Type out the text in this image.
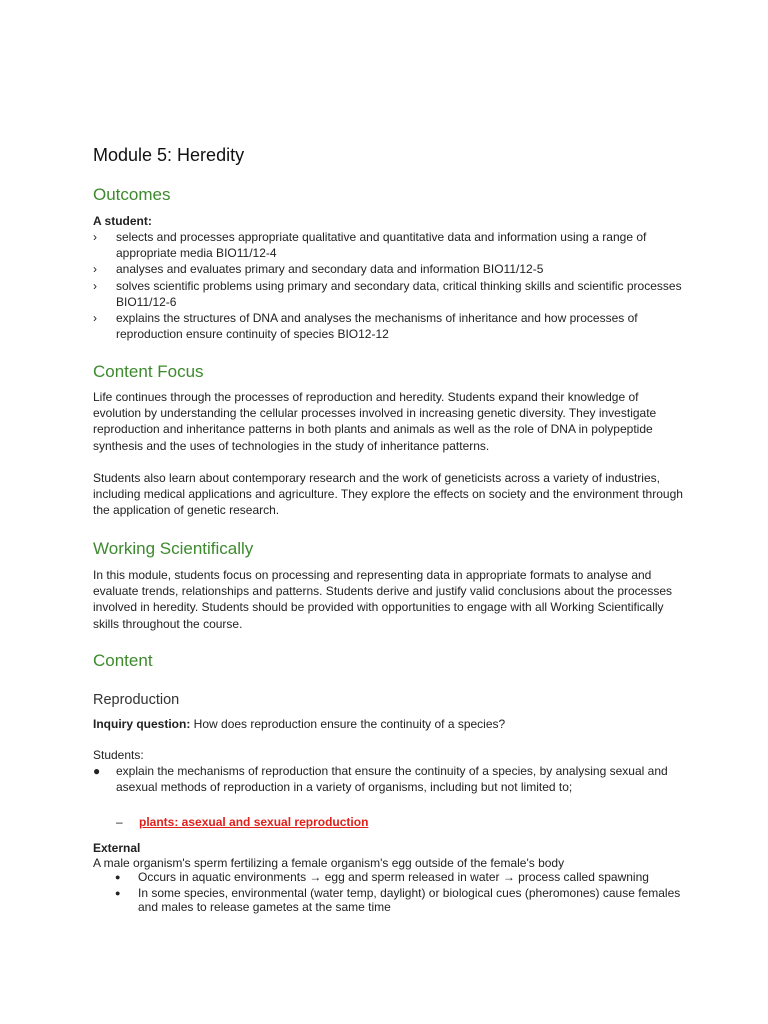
Module 5: Heredity
Outcomes
A student:
›	selects and processes appropriate qualitative and quantitative data and information using a range of appropriate media BIO11/12-4
›	analyses and evaluates primary and secondary data and information BIO11/12-5
›	solves scientific problems using primary and secondary data, critical thinking skills and scientific processes BIO11/12-6
›	explains the structures of DNA and analyses the mechanisms of inheritance and how processes of reproduction ensure continuity of species BIO12-12
Content Focus
Life continues through the processes of reproduction and heredity. Students expand their knowledge of evolution by understanding the cellular processes involved in increasing genetic diversity. They investigate reproduction and inheritance patterns in both plants and animals as well as the role of DNA in polypeptide synthesis and the uses of technologies in the study of inheritance patterns.
Students also learn about contemporary research and the work of geneticists across a variety of industries, including medical applications and agriculture. They explore the effects on society and the environment through the application of genetic research.
Working Scientifically
In this module, students focus on processing and representing data in appropriate formats to analyse and evaluate trends, relationships and patterns. Students derive and justify valid conclusions about the processes involved in heredity. Students should be provided with opportunities to engage with all Working Scientifically skills throughout the course.
Content
Reproduction
Inquiry question: How does reproduction ensure the continuity of a species?
Students:
●	explain the mechanisms of reproduction that ensure the continuity of a species, by analysing sexual and asexual methods of reproduction in a variety of organisms, including but not limited to;
–	plants: asexual and sexual reproduction
External
A male organism's sperm fertilizing a female organism's egg outside of the female's body
●	Occurs in aquatic environments → egg and sperm released in water → process called spawning
●	In some species, environmental (water temp, daylight) or biological cues (pheromones) cause females and males to release gametes at the same time
